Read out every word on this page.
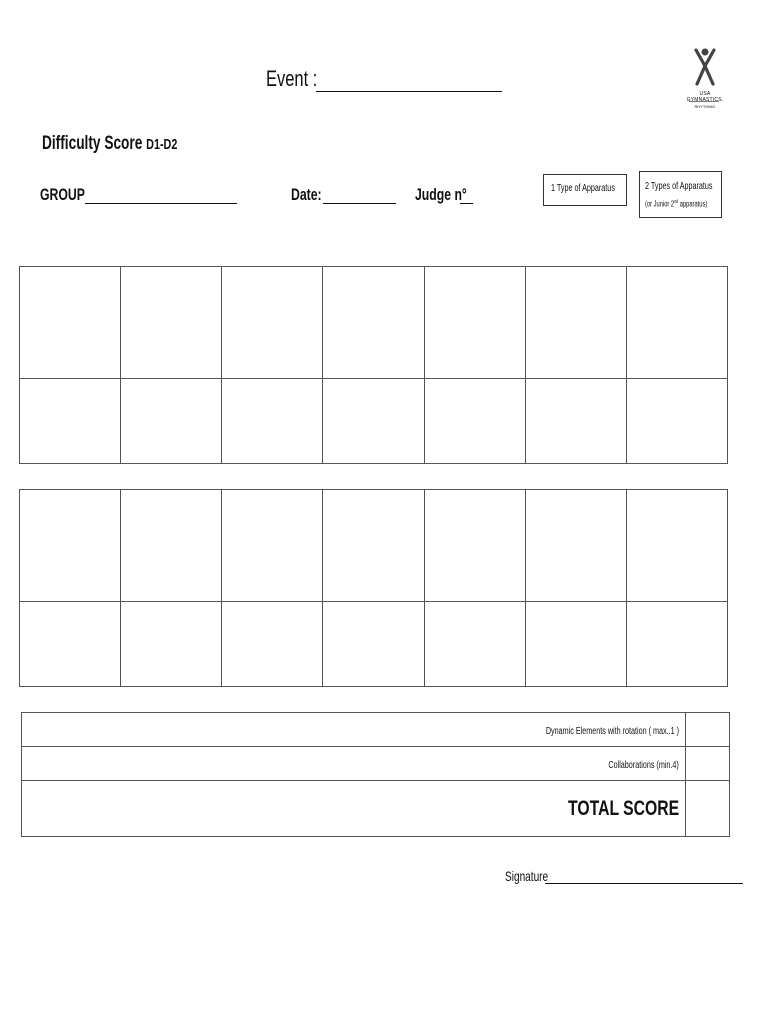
Event :
USA GYMNASTICS.
RHYTHMIC
Difficulty Score D1-D2
GROUP	Date:	Judge n°	1 Type of Apparatus	2 Types of Apparatus
(or Junior 2nd apparatus)

Dynamic Elements with rotation ( max..1 )	
Collaborations (min.4)	
TOTAL SCORE	
Signature
